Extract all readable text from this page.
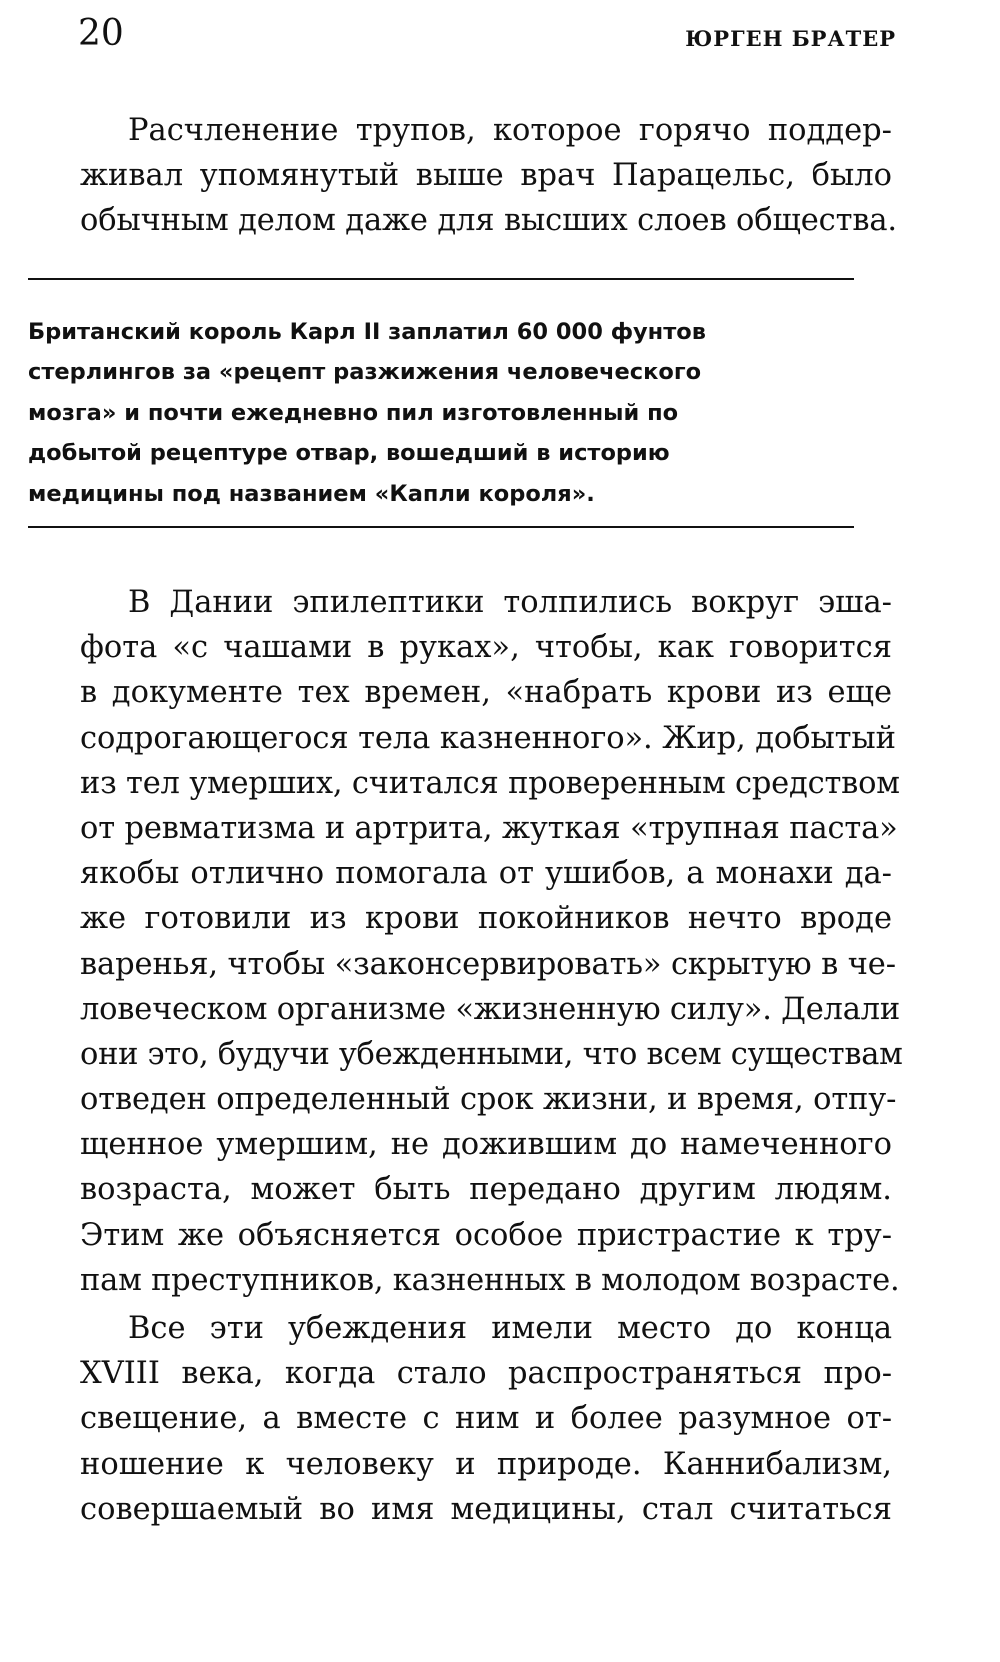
20	ЮРГЕН БРАТЕР
Расчленение трупов, которое горячо поддер-
живал упомянутый выше врач Парацельс, было
обычным делом даже для высших слоев общества.
Британский король Карл II заплатил 60 000 фунтов
стерлингов за «рецепт разжижения человеческого
мозга» и почти ежедневно пил изготовленный по
добытой рецептуре отвар, вошедший в историю
медицины под названием «Капли короля».
В Дании эпилептики толпились вокруг эша-
фота «с чашами в руках», чтобы, как говорится
в документе тех времен, «набрать крови из еще
содрогающегося тела казненного». Жир, добытый
из тел умерших, считался проверенным средством
от ревматизма и артрита, жуткая «трупная паста»
якобы отлично помогала от ушибов, а монахи да-
же готовили из крови покойников нечто вроде
варенья, чтобы «законсервировать» скрытую в че-
ловеческом организме «жизненную силу». Делали
они это, будучи убежденными, что всем существам
отведен определенный срок жизни, и время, отпу-
щенное умершим, не дожившим до намеченного
возраста, может быть передано другим людям.
Этим же объясняется особое пристрастие к тру-
пам преступников, казненных в молодом возрасте.
Все эти убеждения имели место до конца
XVIII века, когда стало распространяться про-
свещение, а вместе с ним и более разумное от-
ношение к человеку и природе. Каннибализм,
совершаемый во имя медицины, стал считаться
